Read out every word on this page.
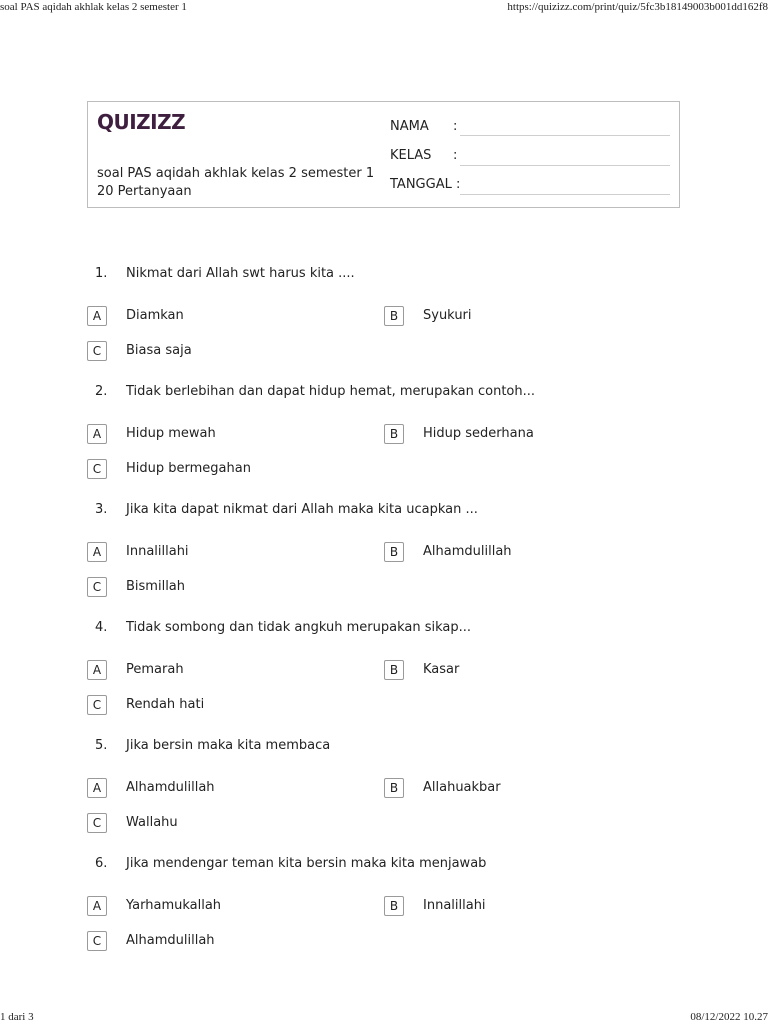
soal PAS aqidah akhlak kelas 2 semester 1	https://quizizz.com/print/quiz/5fc3b18149003b001dd162f8
QUIZIZZ
soal PAS aqidah akhlak kelas 2 semester 1
20 Pertanyaan
NAMA :
KELAS :
TANGGAL :
1. Nikmat dari Allah swt harus kita ....
A	Diamkan	B	Syukuri
C	Biasa saja
2. Tidak berlebihan dan dapat hidup hemat, merupakan contoh...
A	Hidup mewah	B	Hidup sederhana
C	Hidup bermegahan
3. Jika kita dapat nikmat dari Allah maka kita ucapkan ...
A	Innalillahi	B	Alhamdulillah
C	Bismillah
4. Tidak sombong dan tidak angkuh merupakan sikap...
A	Pemarah	B	Kasar
C	Rendah hati
5. Jika bersin maka kita membaca
A	Alhamdulillah	B	Allahuakbar
C	Wallahu
6. Jika mendengar teman kita bersin maka kita menjawab
A	Yarhamukallah	B	Innalillahi
C	Alhamdulillah
1 dari 3	08/12/2022 10.27
